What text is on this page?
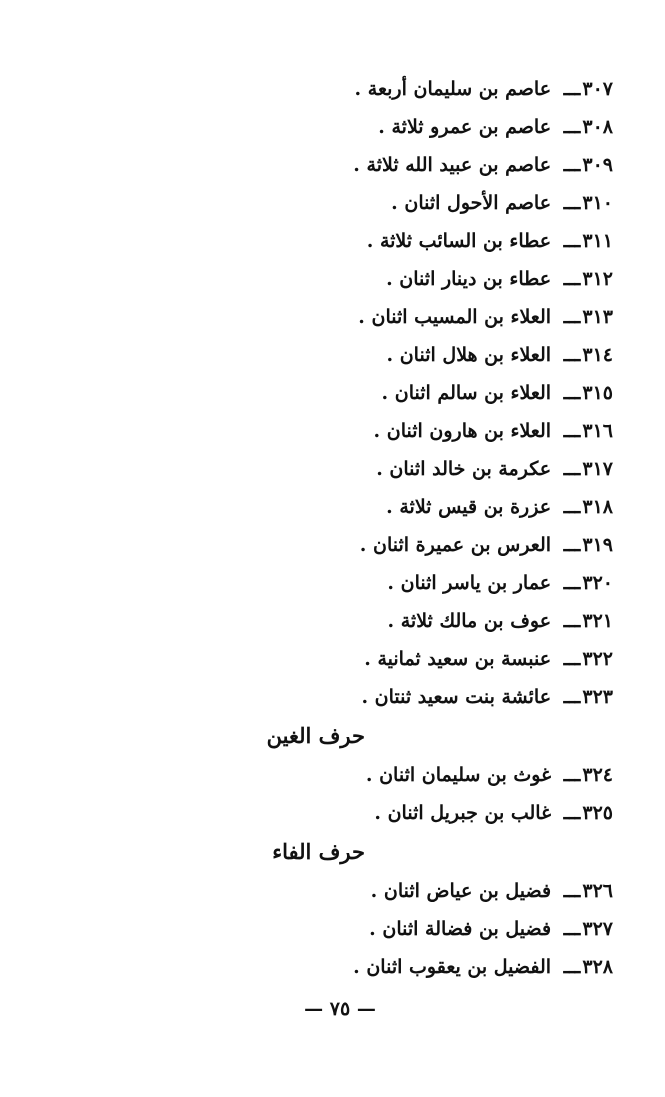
٣٠٧ـــ عاصم بن سليمان أربعة .
٣٠٨ـــ عاصم بن عمرو ثلاثة .
٣٠٩ـــ عاصم بن عبيد الله ثلاثة .
٣١٠ـــ عاصم الأحول اثنان .
٣١١ـــ عطاء بن السائب ثلاثة .
٣١٢ـــ عطاء بن دينار اثنان .
٣١٣ـــ العلاء بن المسيب اثنان .
٣١٤ـــ العلاء بن هلال اثنان .
٣١٥ـــ العلاء بن سالم اثنان .
٣١٦ـــ العلاء بن هارون اثنان .
٣١٧ـــ عكرمة بن خالد اثنان .
٣١٨ـــ عزرة بن قيس ثلاثة .
٣١٩ـــ العرس بن عميرة اثنان .
٣٢٠ـــ عمار بن ياسر اثنان .
٣٢١ـــ عوف بن مالك ثلاثة .
٣٢٢ـــ عنبسة بن سعيد ثمانية .
٣٢٣ـــ عائشة بنت سعيد ثنتان .
حرف الغين
٣٢٤ـــ غوث بن سليمان اثنان .
٣٢٥ـــ غالب بن جبريل اثنان .
حرف الفاء
٣٢٦ـــ فضيل بن عياض اثنان .
٣٢٧ـــ فضيل بن فضالة اثنان .
٣٢٨ـــ الفضيل بن يعقوب اثنان .
— ٧٥ —
